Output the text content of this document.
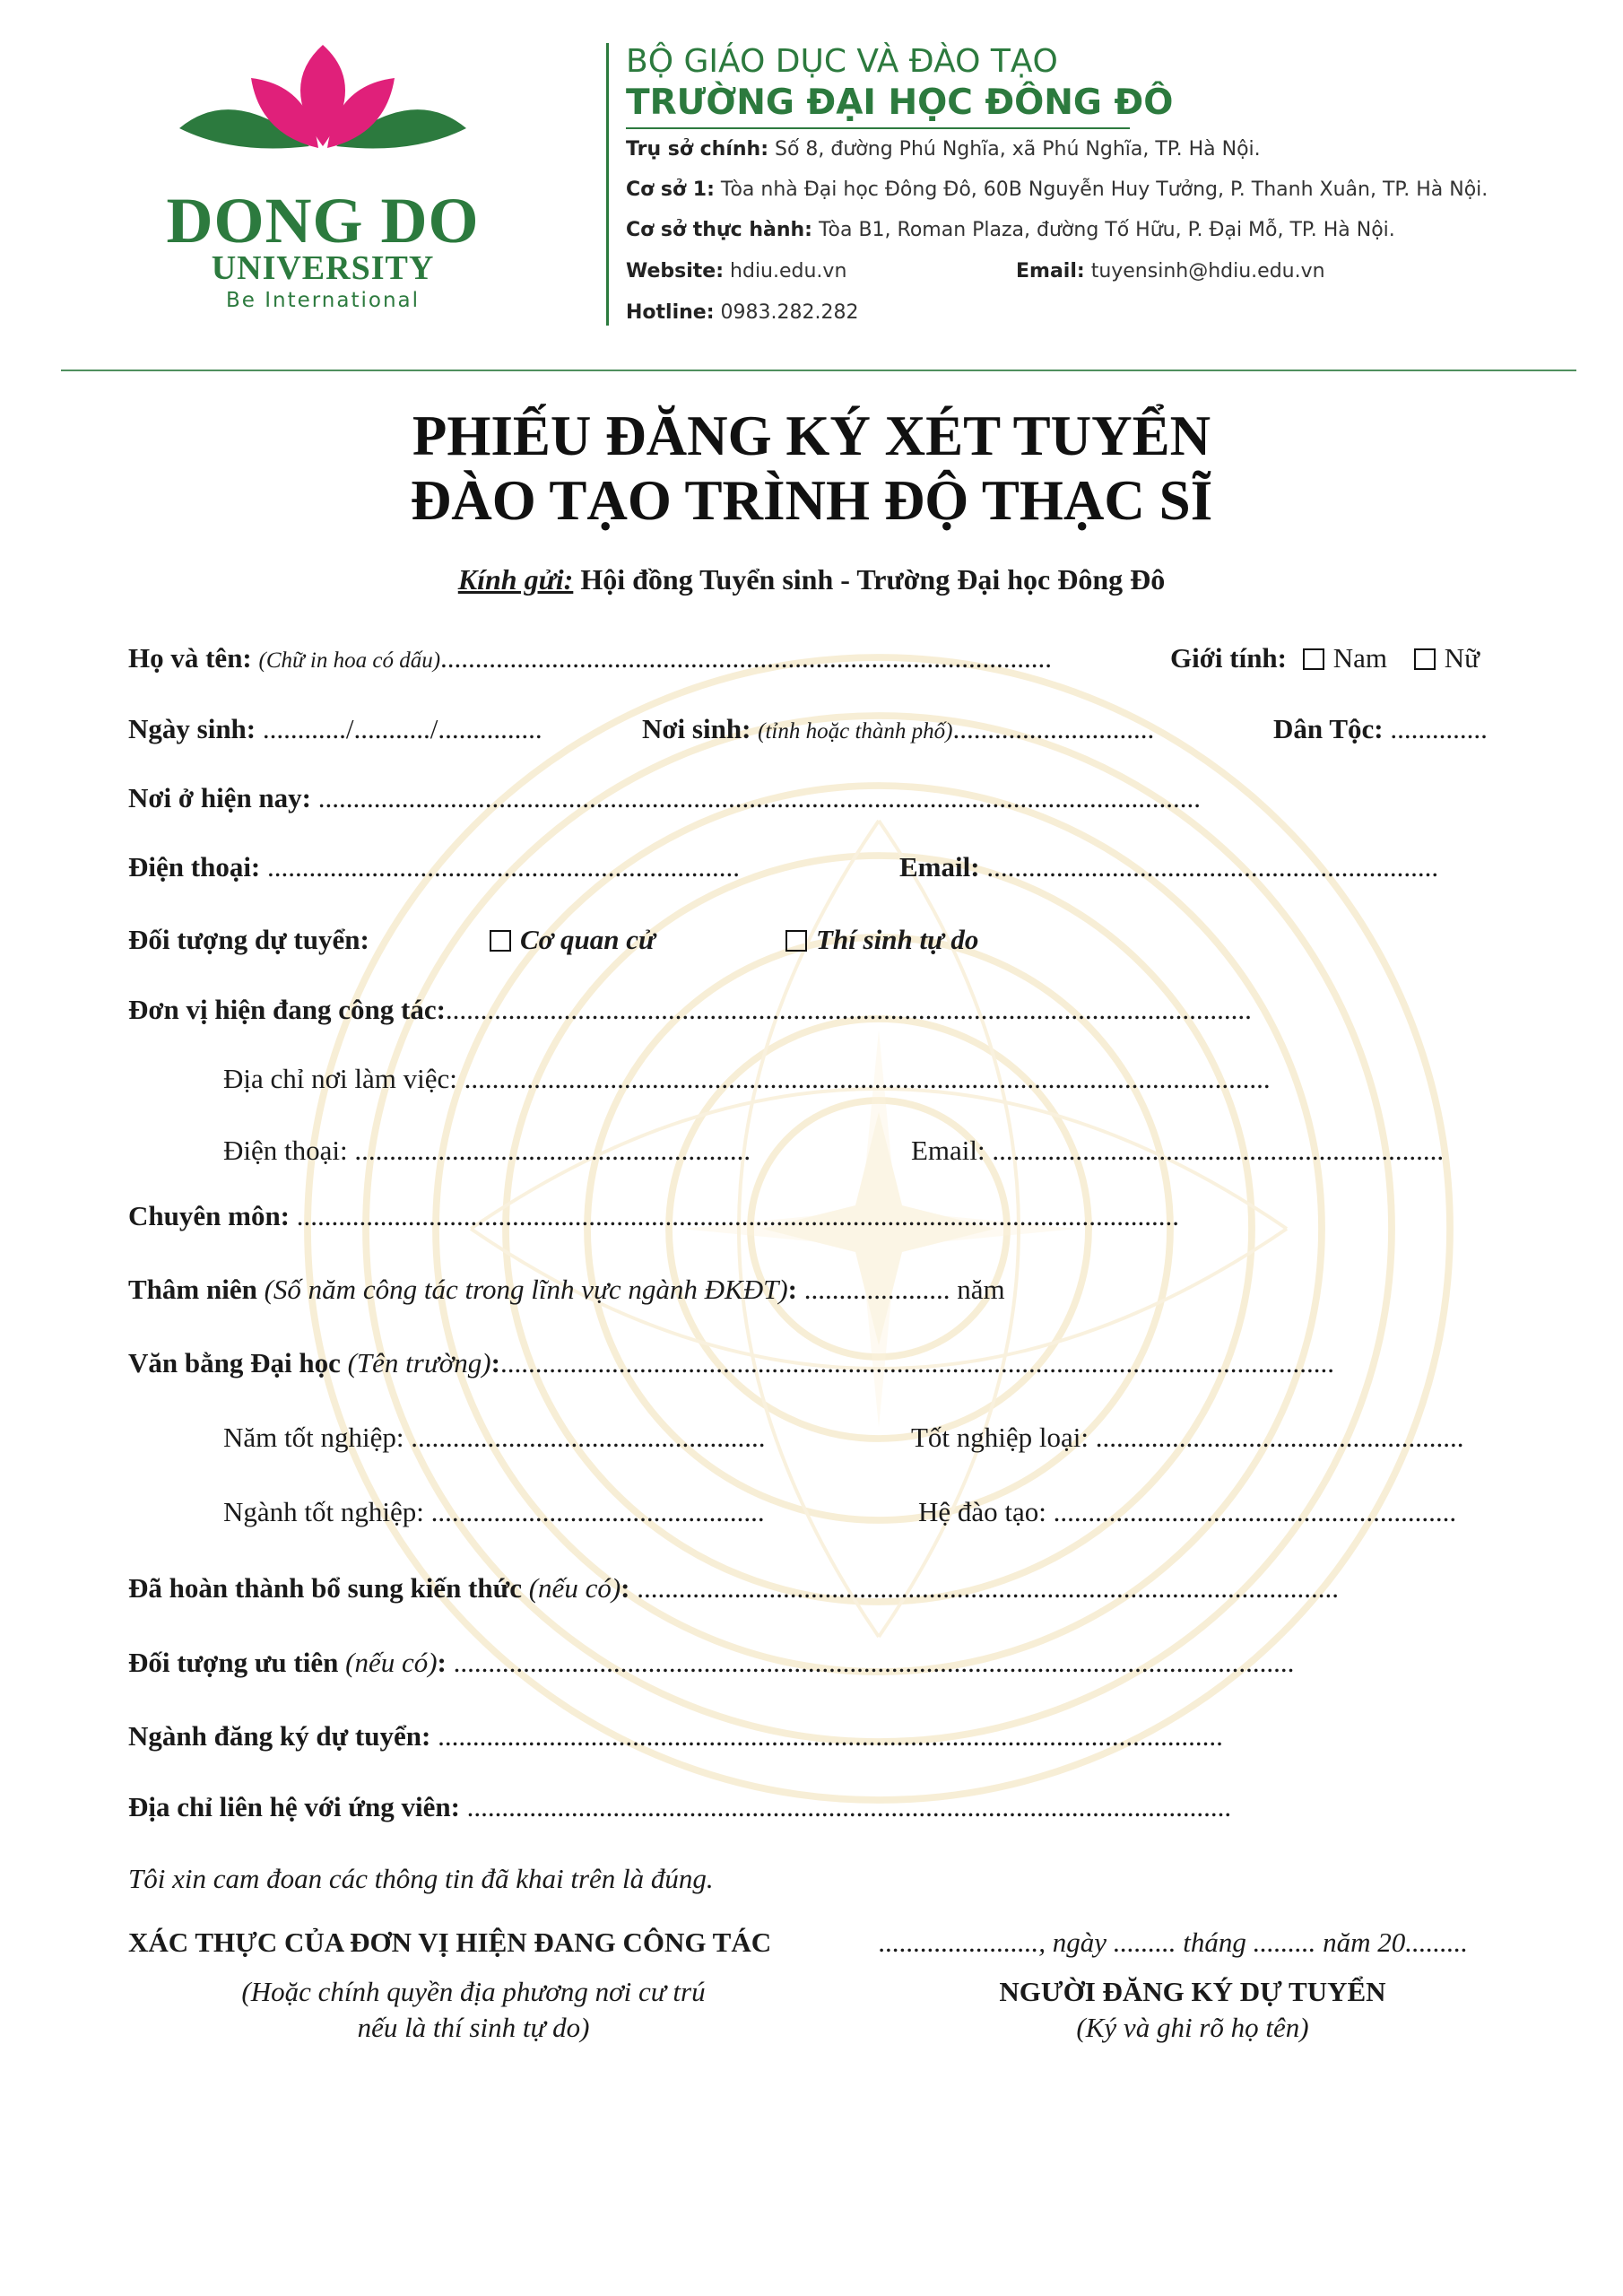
DONG DO
UNIVERSITY
Be International
BỘ GIÁO DỤC VÀ ĐÀO TẠO
TRƯỜNG ĐẠI HỌC ĐÔNG ĐÔ
Trụ sở chính: Số 8, đường Phú Nghĩa, xã Phú Nghĩa, TP. Hà Nội.
Cơ sở 1: Tòa nhà Đại học Đông Đô, 60B Nguyễn Huy Tưởng, P. Thanh Xuân, TP. Hà Nội.
Cơ sở thực hành: Tòa B1, Roman Plaza, đường Tố Hữu, P. Đại Mỗ, TP. Hà Nội.
Website: hdiu.edu.vn	Email: tuyensinh@hdiu.edu.vn
Hotline: 0983.282.282
PHIẾU ĐĂNG KÝ XÉT TUYỂN
ĐÀO TẠO TRÌNH ĐỘ THẠC SĨ
Kính gửi: Hội đồng Tuyển sinh - Trường Đại học Đông Đô
Họ và tên: (Chữ in hoa có dấu)........................................................................................	Giới tính: Nam Nữ
Ngày sinh: ............/.........../...............	Nơi sinh: (tỉnh hoặc thành phố).............................	Dân Tộc: ..............
Nơi ở hiện nay: ...............................................................................................................................
Điện thoại: ....................................................................	Email: .................................................................
Đối tượng dự tuyển:	Cơ quan cử	Thí sinh tự do
Đơn vị hiện đang công tác:....................................................................................................................
Địa chỉ nơi làm việc: ....................................................................................................................
Điện thoại: .........................................................	Email: .................................................................
Chuyên môn: ...............................................................................................................................
Thâm niên (Số năm công tác trong lĩnh vực ngành ĐKĐT): ..................... năm
Văn bằng Đại học (Tên trường):........................................................................................................................
Năm tốt nghiệp: ...................................................	Tốt nghiệp loại: .....................................................
Ngành tốt nghiệp: ................................................	Hệ đào tạo: ..........................................................
Đã hoàn thành bổ sung kiến thức (nếu có): .....................................................................................................
Đối tượng ưu tiên (nếu có): .........................................................................................................................
Ngành đăng ký dự tuyển: .................................................................................................................
Địa chỉ liên hệ với ứng viên: ..............................................................................................................
Tôi xin cam đoan các thông tin đã khai trên là đúng.
XÁC THỰC CỦA ĐƠN VỊ HIỆN ĐANG CÔNG TÁC	......................., ngày ......... tháng ......... năm 20.........
(Hoặc chính quyền địa phương nơi cư trú
nếu là thí sinh tự do)
NGƯỜI ĐĂNG KÝ DỰ TUYỂN
(Ký và ghi rõ họ tên)
